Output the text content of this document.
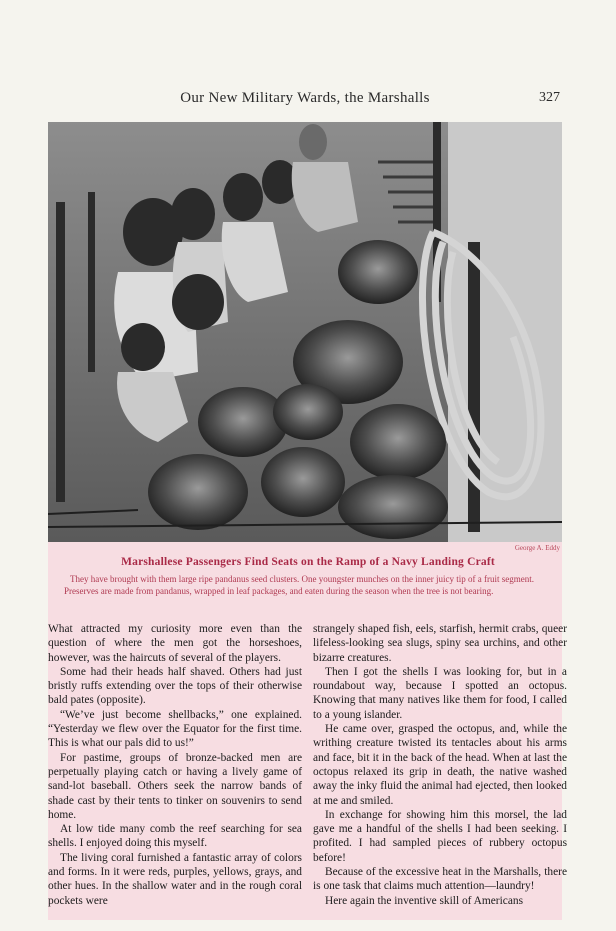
Our New Military Wards, the Marshalls	327
George A. Eddy
Marshallese Passengers Find Seats on the Ramp of a Navy Landing Craft
They have brought with them large ripe pandanus seed clusters. One youngster munches on the inner juicy tip of a fruit segment. Preserves are made from pandanus, wrapped in leaf packages, and eaten during the season when the tree is not bearing.

What attracted my curiosity more even than the question of where the men got the horseshoes, however, was the haircuts of several of the players.

Some had their heads half shaved. Others had just bristly ruffs extending over the tops of their otherwise bald pates (opposite).

“We’ve just become shellbacks,” one explained. “Yesterday we flew over the Equator for the first time. This is what our pals did to us!”

For pastime, groups of bronze-backed men are perpetually playing catch or having a lively game of sand-lot baseball. Others seek the narrow bands of shade cast by their tents to tinker on souvenirs to send home.

At low tide many comb the reef searching for sea shells. I enjoyed doing this myself.

The living coral furnished a fantastic array of colors and forms. In it were reds, purples, yellows, grays, and other hues. In the shallow water and in the rough coral pockets were

strangely shaped fish, eels, starfish, hermit crabs, queer lifeless-looking sea slugs, spiny sea urchins, and other bizarre creatures.

Then I got the shells I was looking for, but in a roundabout way, because I spotted an octopus. Knowing that many natives like them for food, I called to a young islander.

He came over, grasped the octopus, and, while the writhing creature twisted its tentacles about his arms and face, bit it in the back of the head. When at last the octopus relaxed its grip in death, the native washed away the inky fluid the animal had ejected, then looked at me and smiled.

In exchange for showing him this morsel, the lad gave me a handful of the shells I had been seeking. I profited. I had sampled pieces of rubbery octopus before!

Because of the excessive heat in the Marshalls, there is one task that claims much attention—laundry!

Here again the inventive skill of Americans
